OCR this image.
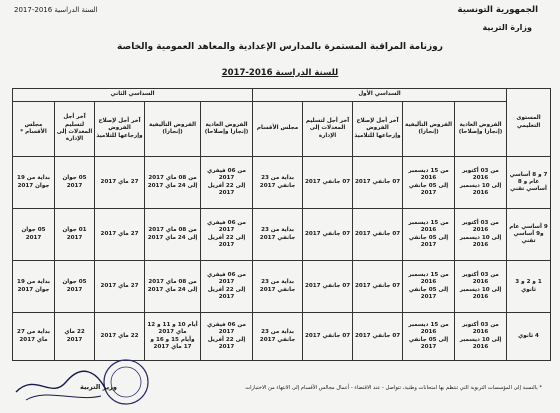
السنة الدراسية 2016-2017	الجمهورية التونسية
وزارة التربية
روزنامة المراقبة المستمرة بالمدارس الإعدادية والمعاهد العمومية والخاصة
للسنة الدراسية 2016-2017
المستوى التعليمي	السداسي الأول					السداسي الثاني				
	الفروض العادية (إنجازا وإصلاحا)	الفروض التأليفية (إنجازا)	آخر أجل لإصلاح الفروض وإرجاعها للتلاميذ	آخر أجل لتسليم المعدلات إلى الإدارة	مجلس الأقسام	الفروض العادية (إنجازا وإصلاحا)	الفروض التأليفية (إنجازا)	آخر أجل لإصلاح الفروض وإرجاعها للتلاميذ	آخر أجل لتسليم المعدلات إلى الإدارة	مجلس الأقسام *
7 و 8 أساسي عام و 8 أساسي تقني	من 03 أكتوبر 2016
إلى 10 ديسمبر 2016	من 15 ديسمبر 2016
إلى 05 جانفي 2017	07 جانفي 2017	07 جانفي 2017	بداية من 23 جانفي 2017	من 06 فيفري 2017
إلى 22 أفريل 2017	من 08 ماي 2017
إلى 24 ماي 2017	27 ماي 2017	05 جوان 2017	بداية من 19 جوان 2017
9 أساسي عام و9 أساسي تقني	من 03 أكتوبر 2016
إلى 10 ديسمبر 2016	من 15 ديسمبر 2016
إلى 05 جانفي 2017	07 جانفي 2017	07 جانفي 2017	بداية من 23 جانفي 2017	من 06 فيفري 2017
إلى 22 أفريل 2017	من 08 ماي 2017
إلى 24 ماي 2017	27 ماي 2017	01 جوان 2017	05 جوان 2017
1 و 2 و 3 ثانوي	من 03 أكتوبر 2016
إلى 10 ديسمبر 2016	من 15 ديسمبر 2016
إلى 05 جانفي 2017	07 جانفي 2017	07 جانفي 2017	بداية من 23 جانفي 2017	من 06 فيفري 2017
إلى 22 أفريل 2017	من 08 ماي 2017
إلى 24 ماي 2017	27 ماي 2017	05 جوان 2017	بداية من 19 جوان 2017
4 ثانوي	من 03 أكتوبر 2016
إلى 10 ديسمبر 2016	من 15 ديسمبر 2016
إلى 05 جانفي 2017	07 جانفي 2017	07 جانفي 2017	بداية من 23 جانفي 2017	من 06 فيفري 2017
إلى 22 أفريل 2017	أيام 10 و 11 و 12 ماي 2017
وأيام 15 و 16 و 17 ماي 2017	22 ماي 2017	22 ماي 2017	بداية من 27 ماي 2017
وزير التربية	* بالنسبة إلى المؤسسات التربوية التي تنتظم بها امتحانات وطنية، تتواصل - عند الاقتضاء - أعمال مجالس الأقسام إلى الانتهاء من الاختبارات
